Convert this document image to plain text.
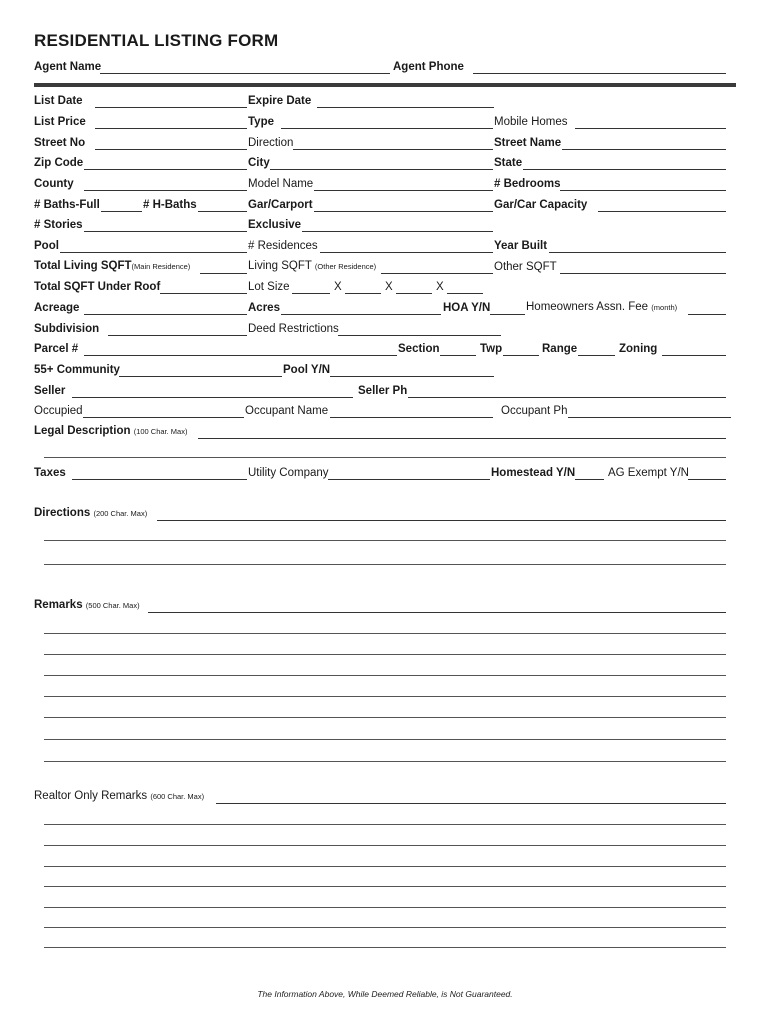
RESIDENTIAL LISTING FORM
Agent Name	Agent Phone
List Date	Expire Date
List Price	Type	Mobile Homes
Street No	Direction	Street Name
Zip Code	City	State
County	Model Name	# Bedrooms
# Baths-Full	# H-Baths	Gar/Carport	Gar/Car Capacity
# Stories	Exclusive
Pool	# Residences	Year Built
Total Living SQFT(Main Residence)	Living SQFT (Other Residence)	Other SQFT
Total SQFT Under Roof	Lot Size	X	X	X
Acreage	Acres	HOA Y/N	Homeowners Assn. Fee (month)
Subdivision	Deed Restrictions
Parcel #	Section	Twp	Range	Zoning
55+ Community	Pool Y/N
Seller	Seller Ph
Occupied	Occupant Name	Occupant Ph
Legal Description (100 Char. Max)
Taxes	Utility Company	Homestead Y/N	AG Exempt Y/N
Directions (200 Char. Max)
Remarks (500 Char. Max)
Realtor Only Remarks (600 Char. Max)
The Information Above, While Deemed Reliable, is Not Guaranteed.
